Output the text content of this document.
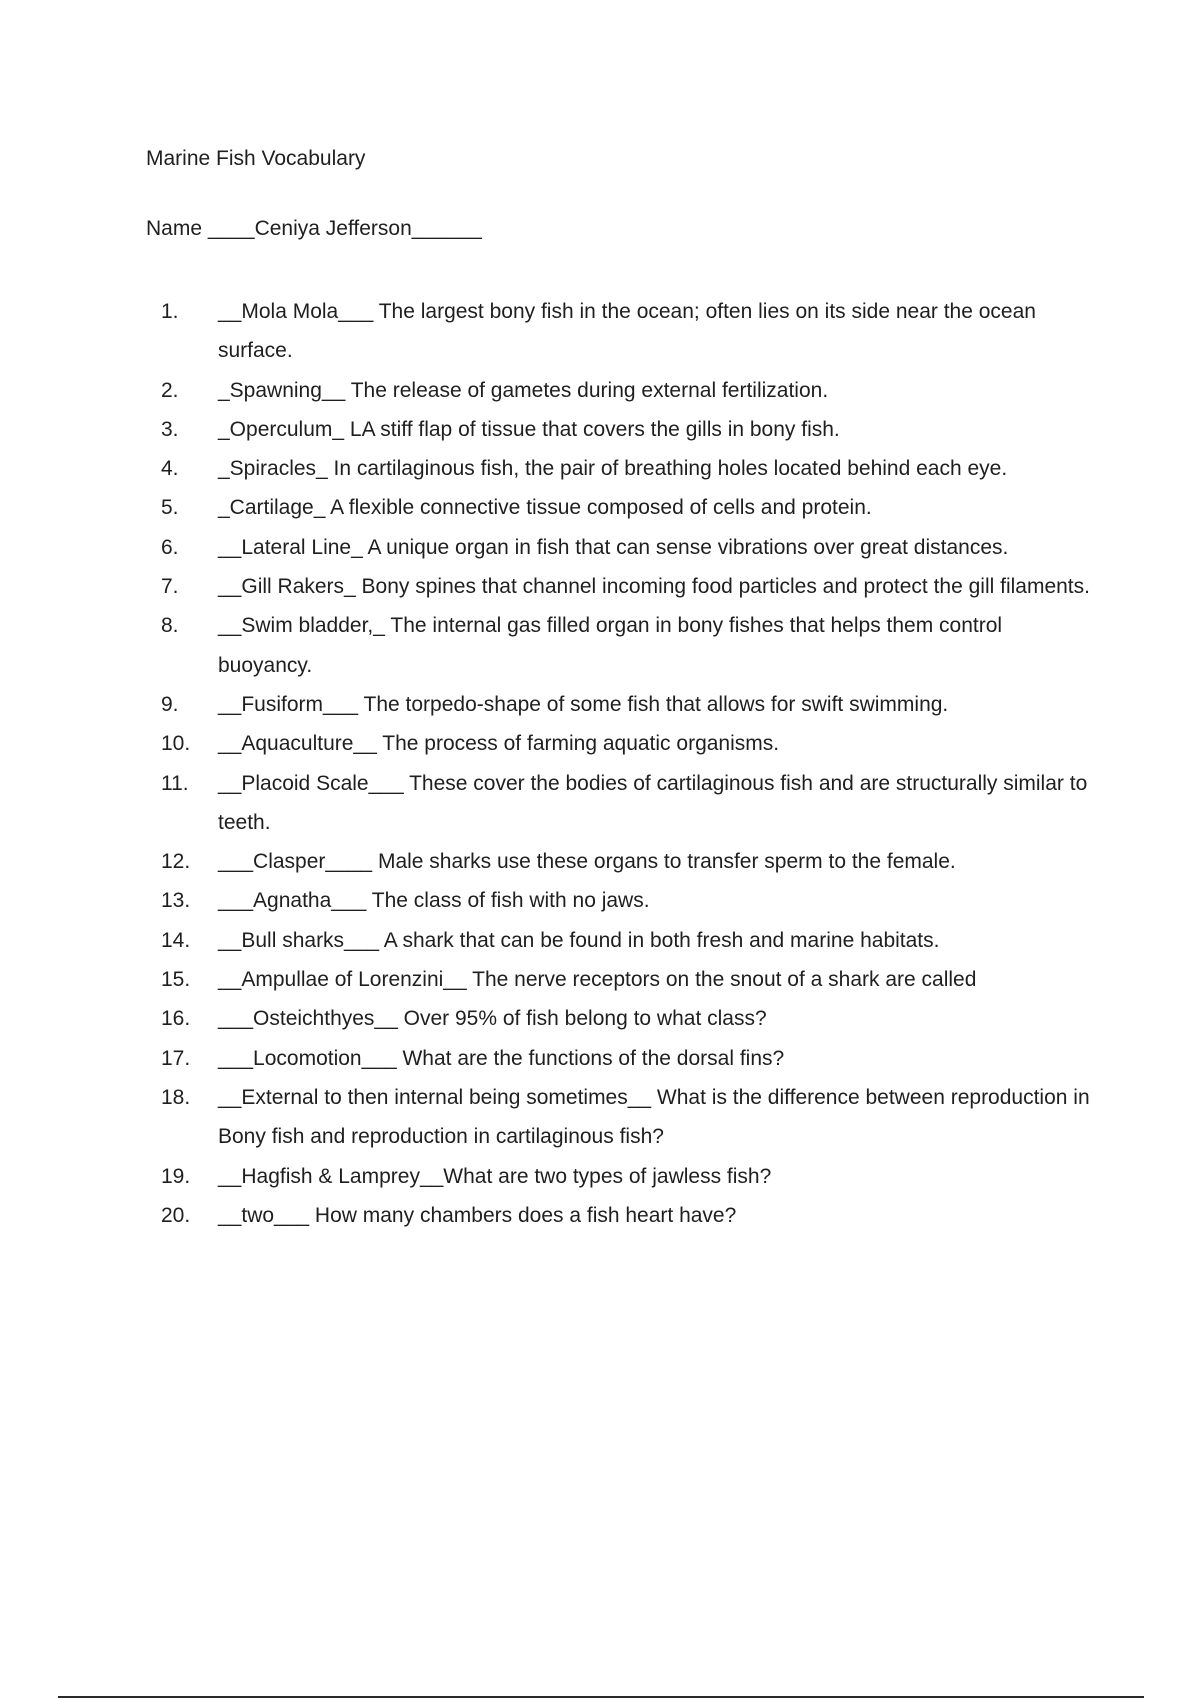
Marine Fish Vocabulary
Name ____Ceniya Jefferson______
1.	__Mola Mola___ The largest bony fish in the ocean; often lies on its side near the ocean surface.
2.	_Spawning__ The release of gametes during external fertilization.
3.	_Operculum_ LA stiff flap of tissue that covers the gills in bony fish.
4.	_Spiracles_ In cartilaginous fish, the pair of breathing holes located behind each eye.
5.	_Cartilage_ A flexible connective tissue composed of cells and protein.
6.	__Lateral Line_ A unique organ in fish that can sense vibrations over great distances.
7.	__Gill Rakers_ Bony spines that channel incoming food particles and protect the gill filaments.
8.	__Swim bladder,_ The internal gas filled organ in bony fishes that helps them control buoyancy.
9.	__Fusiform___ The torpedo-shape of some fish that allows for swift swimming.
10.	__Aquaculture__ The process of farming aquatic organisms.
11.	__Placoid Scale___ These cover the bodies of cartilaginous fish and are structurally similar to teeth.
12.	___Clasper____ Male sharks use these organs to transfer sperm to the female.
13.	___Agnatha___ The class of fish with no jaws.
14.	__Bull sharks___ A shark that can be found in both fresh and marine habitats.
15.	__Ampullae of Lorenzini__ The nerve receptors on the snout of a shark are called
16.	___Osteichthyes__ Over 95% of fish belong to what class?
17.	___Locomotion___ What are the functions of the dorsal fins?
18.	__External to then internal being sometimes__ What is the difference between reproduction in Bony fish and reproduction in cartilaginous fish?
19.	__Hagfish & Lamprey__What are two types of jawless fish?
20.	__two___ How many chambers does a fish heart have?
